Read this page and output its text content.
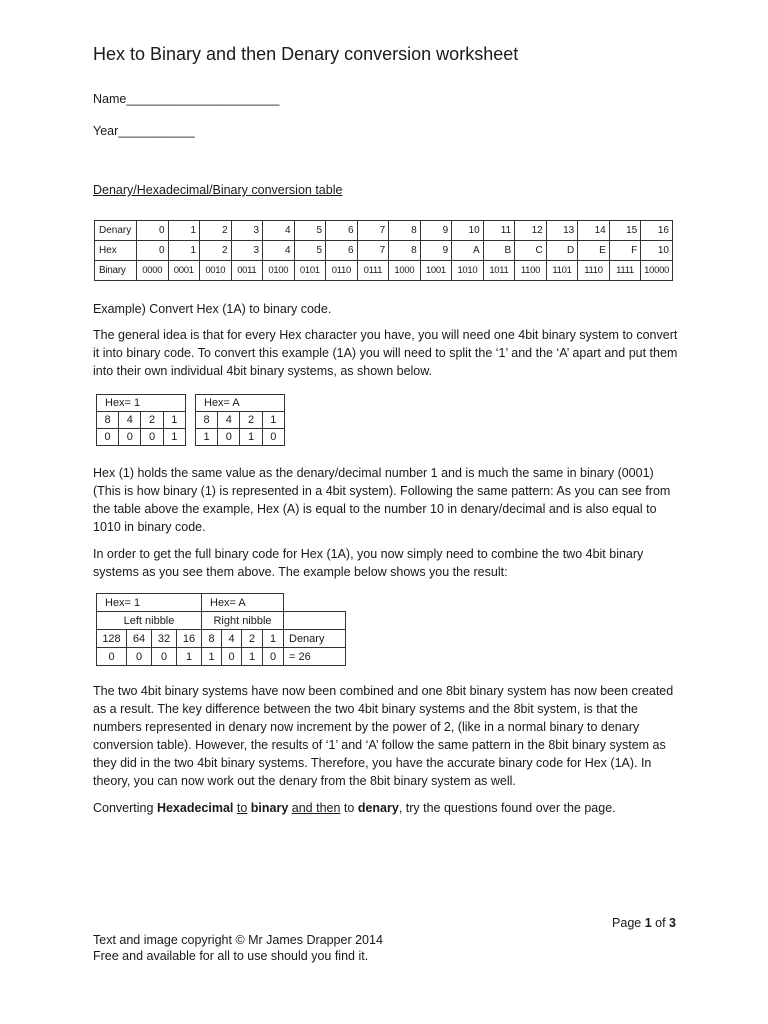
Hex to Binary and then Denary conversion worksheet
Name______________________
Year___________
Denary/Hexadecimal/Binary conversion table
Denary	0	1	2	3	4	5	6	7	8	9	10	11	12	13	14	15	16
Hex	0	1	2	3	4	5	6	7	8	9	A	B	C	D	E	F	10
Binary	0000	0001	0010	0011	0100	0101	0110	0111	1000	1001	1010	1011	1100	1101	1110	1111	10000
Example) Convert Hex (1A) to binary code.
The general idea is that for every Hex character you have, you will need one 4bit binary system to convert it into binary code. To convert this example (1A) you will need to split the ‘1’ and the ‘A’ apart and put them into their own individual 4bit binary systems, as shown below.
Hex= 1			
8	4	2	1
0	0	0	1
Hex= A			
8	4	2	1
1	0	1	0
Hex (1) holds the same value as the denary/decimal number 1 and is much the same in binary (0001) (This is how binary (1) is represented in a 4bit system). Following the same pattern: As you can see from the table above the example, Hex (A) is equal to the number 10 in denary/decimal and is also equal to 1010 in binary code.
In order to get the full binary code for Hex (1A), you now simply need to combine the two 4bit binary systems as you see them above. The example below shows you the result:
Hex= 1				Hex= A				
Left nibble				Right nibble				
128	64	32	16	8	4	2	1	Denary
0	0	0	1	1	0	1	0	= 26
The two 4bit binary systems have now been combined and one 8bit binary system has now been created as a result. The key difference between the two 4bit binary systems and the 8bit system, is that the numbers represented in denary now increment by the power of 2, (like in a normal binary to denary conversion table). However, the results of ‘1’ and ‘A’ follow the same pattern in the 8bit binary system as they did in the two 4bit binary systems. Therefore, you have the accurate binary code for Hex (1A). In theory, you can now work out the denary from the 8bit binary system as well.
Converting Hexadecimal to binary and then to denary, try the questions found over the page.
Page 1 of 3
Text and image copyright © Mr James Drapper 2014
Free and available for all to use should you find it.
